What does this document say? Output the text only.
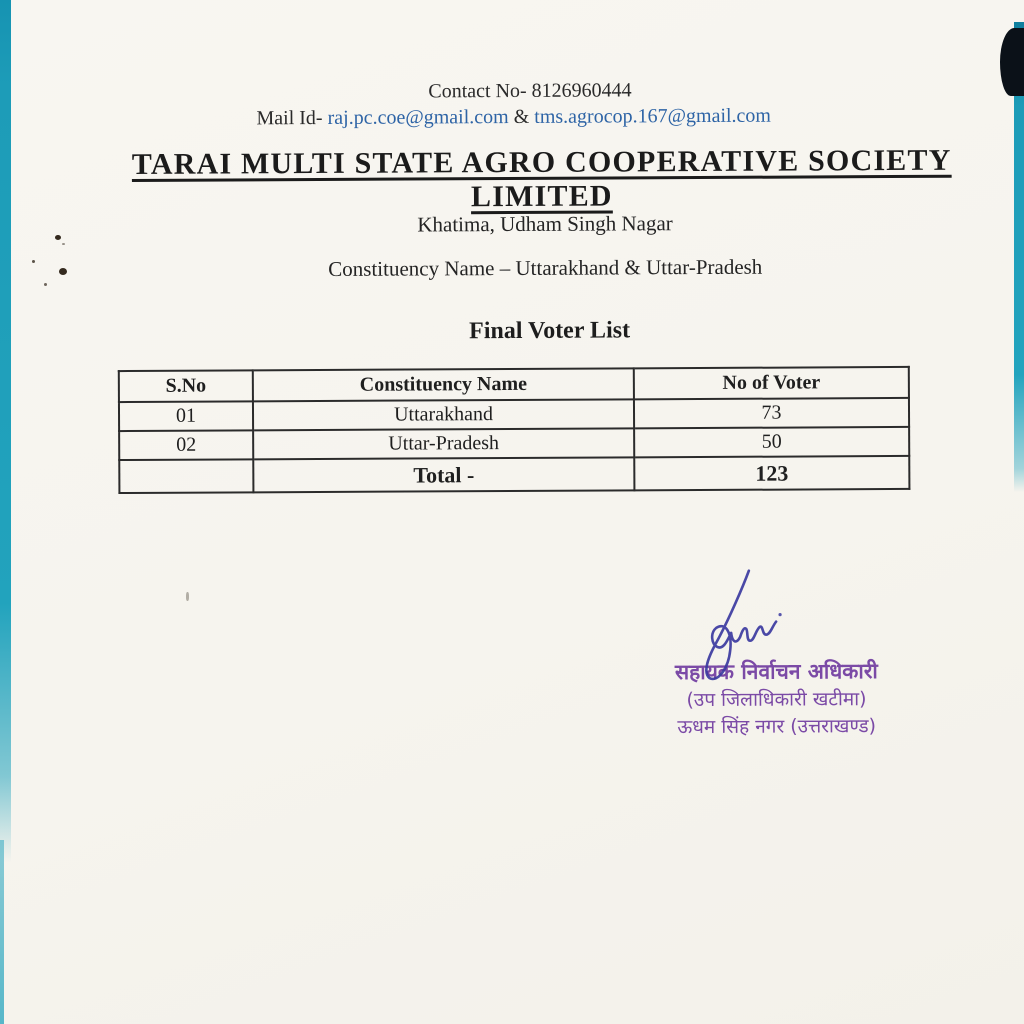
Contact No- 8126960444
Mail Id- raj.pc.coe@gmail.com & tms.agrocop.167@gmail.com
TARAI MULTI STATE AGRO COOPERATIVE SOCIETY LIMITED
Khatima, Udham Singh Nagar
Constituency Name – Uttarakhand & Uttar-Pradesh
Final Voter List
S.No	Constituency Name	No of Voter
01	Uttarakhand	73
02	Uttar-Pradesh	50
	Total -	123
सहायक निर्वाचन अधिकारी
(उप जिलाधिकारी खटीमा)
ऊधम सिंह नगर (उत्तराखण्ड)
